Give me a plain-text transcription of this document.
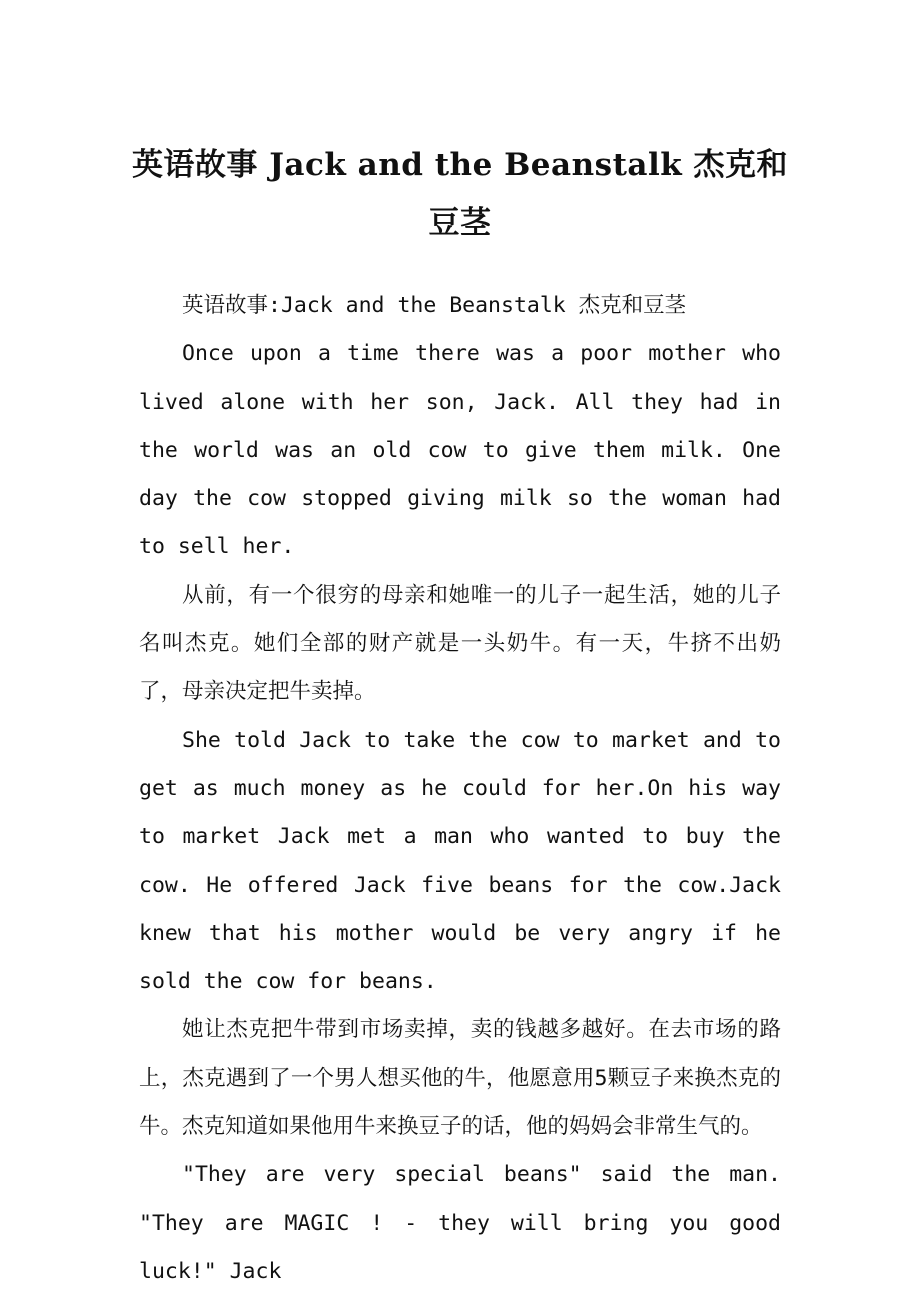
英语故事 Jack and the Beanstalk 杰克和豆茎

英语故事:Jack and the Beanstalk 杰克和豆茎

Once upon a time there was a poor mother who lived alone with her son, Jack. All they had in the world was an old cow to give them milk. One day the cow stopped giving milk so the woman had to sell her.

从前，有一个很穷的母亲和她唯一的儿子一起生活，她的儿子名叫杰克。她们全部的财产就是一头奶牛。有一天，牛挤不出奶了，母亲决定把牛卖掉。

She told Jack to take the cow to market and to get as much money as he could for her.On his way to market Jack met a man who wanted to buy the cow. He offered Jack five beans for the cow.Jack knew that his mother would be very angry if he sold the cow for beans.

她让杰克把牛带到市场卖掉，卖的钱越多越好。在去市场的路上，杰克遇到了一个男人想买他的牛，他愿意用5颗豆子来换杰克的牛。杰克知道如果他用牛来换豆子的话，他的妈妈会非常生气的。

"They are very special beans" said the man. "They are MAGIC ! - they will bring you good luck!" Jack
